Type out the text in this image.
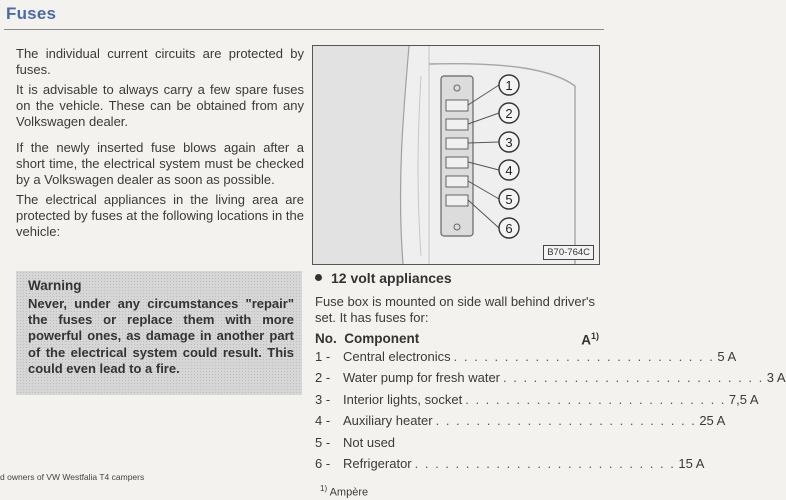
Fuses

The individual current circuits are protected by fuses.

It is advisable to always carry a few spare fuses on the vehicle. These can be obtained from any Volkswagen dealer.

If the newly inserted fuse blows again after a short time, the electrical system must be checked by a Volkswagen dealer as soon as possible.

The electrical appliances in the living area are protected by fuses at the following locations in the vehicle:

Warning
Never, under any circumstances "repair" the fuses or replace them with more powerful ones, as damage in another part of the electrical system could result. This could even lead to a fire.
1
2
3
4
5
6
B70-764C
12 volt appliances
Fuse box is mounted on side wall behind driver's set. It has fuses for:
No. Component	$A^{1)}$
1 - Central electronics . . . . . . . . . . . . . . . . . . . . . . . . . . 5 A
2 - Water pump for fresh water . . . . . . . . . . . . . . . . . . . . . . . . . . 3 A
3 - Interior lights, socket . . . . . . . . . . . . . . . . . . . . . . . . . . 7,5 A
4 - Auxiliary heater . . . . . . . . . . . . . . . . . . . . . . . . . . 25 A
5 - Not used
6 - Refrigerator . . . . . . . . . . . . . . . . . . . . . . . . . . 15 A
$^{1)}$ Ampère
d owners of VW Westfalia T4 campers
